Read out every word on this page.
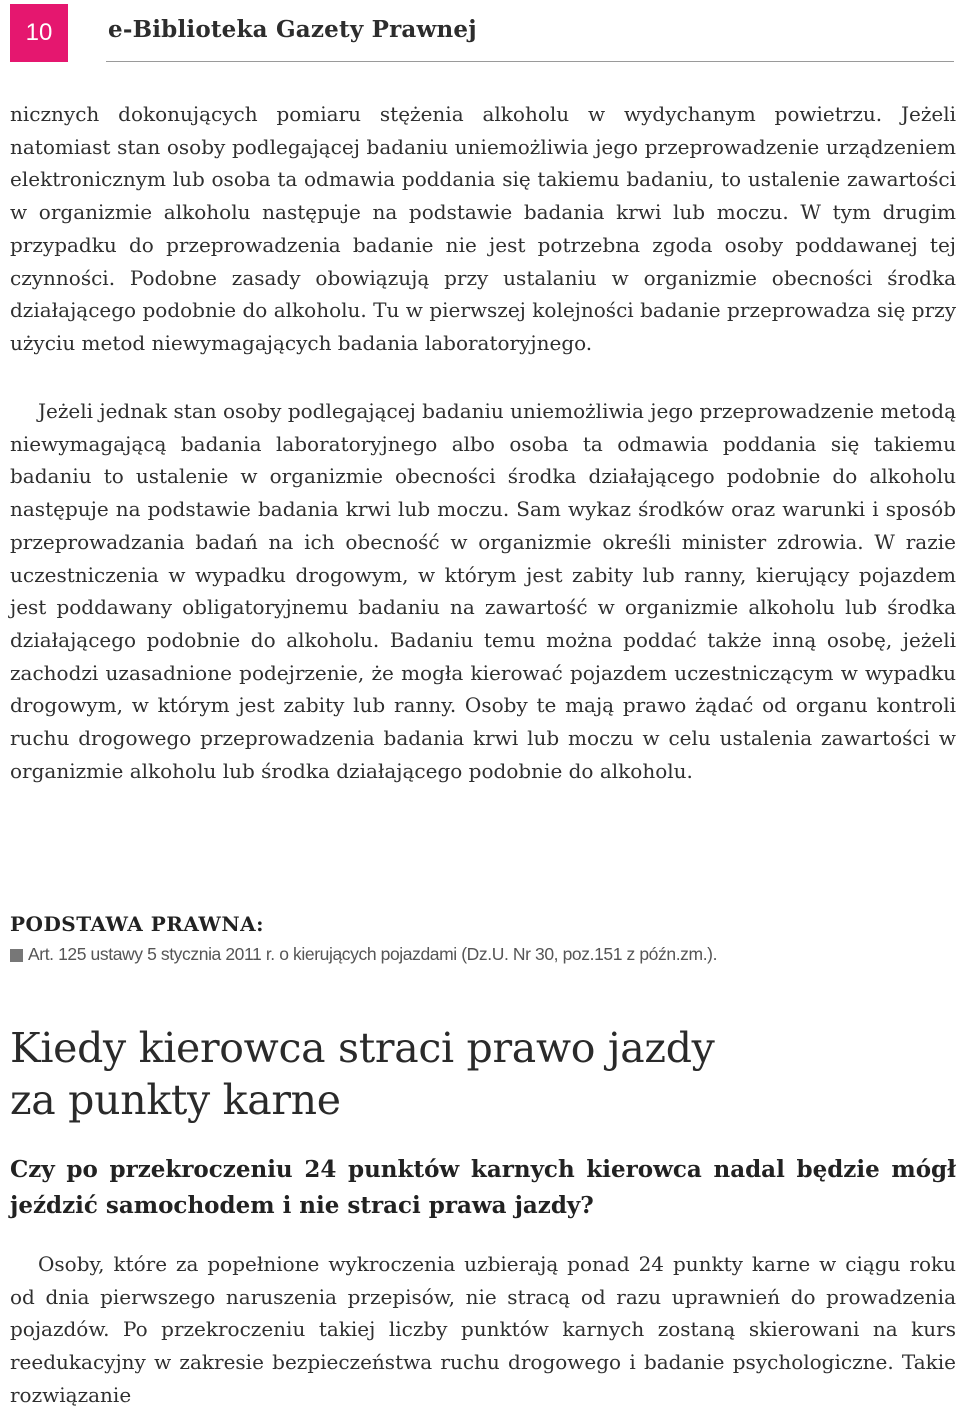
10 e-Biblioteka Gazety Prawnej

nicznych dokonujących pomiaru stężenia alkoholu w wydychanym powietrzu. Jeżeli natomiast stan osoby podlegającej badaniu uniemożliwia jego przeprowadzenie urządzeniem elektronicznym lub osoba ta odmawia poddania się takiemu badaniu, to ustalenie zawartości w organizmie alkoholu następuje na podstawie badania krwi lub moczu. W tym drugim przypadku do przeprowadzenia badanie nie jest potrzebna zgoda osoby poddawanej tej czynności. Podobne zasady obowiązują przy ustalaniu w organizmie obecności środka działającego podobnie do alkoholu. Tu w pierwszej kolejności badanie przeprowadza się przy użyciu metod niewymagających badania laboratoryjnego.

Jeżeli jednak stan osoby podlegającej badaniu uniemożliwia jego przeprowadzenie metodą niewymagającą badania laboratoryjnego albo osoba ta odmawia poddania się takiemu badaniu to ustalenie w organizmie obecności środka działającego podobnie do alkoholu następuje na podstawie badania krwi lub moczu. Sam wykaz środków oraz warunki i sposób przeprowadzania badań na ich obecność w organizmie określi minister zdrowia. W razie uczestniczenia w wypadku drogowym, w którym jest zabity lub ranny, kierujący pojazdem jest poddawany obligatoryjnemu badaniu na zawartość w organizmie alkoholu lub środka działającego podobnie do alkoholu. Badaniu temu można poddać także inną osobę, jeżeli zachodzi uzasadnione podejrzenie, że mogła kierować pojazdem uczestniczącym w wypadku drogowym, w którym jest zabity lub ranny. Osoby te mają prawo żądać od organu kontroli ruchu drogowego przeprowadzenia badania krwi lub moczu w celu ustalenia zawartości w organizmie alkoholu lub środka działającego podobnie do alkoholu.

PODSTAWA PRAWNA:
Art. 125 ustawy 5 stycznia 2011 r. o kierujących pojazdami (Dz.U. Nr 30, poz.151 z późn.zm.).
Kiedy kierowca straci prawo jazdy
za punkty karne

Czy po przekroczeniu 24 punktów karnych kierowca nadal będzie mógł jeździć samochodem i nie straci prawa jazdy?

Osoby, które za popełnione wykroczenia uzbierają ponad 24 punkty karne w ciągu roku od dnia pierwszego naruszenia przepisów, nie stracą od razu uprawnień do prowadzenia pojazdów. Po przekroczeniu takiej liczby punktów karnych zostaną skierowani na kurs reedukacyjny w zakresie bezpieczeństwa ruchu drogowego i badanie psychologiczne. Takie rozwiązanie
